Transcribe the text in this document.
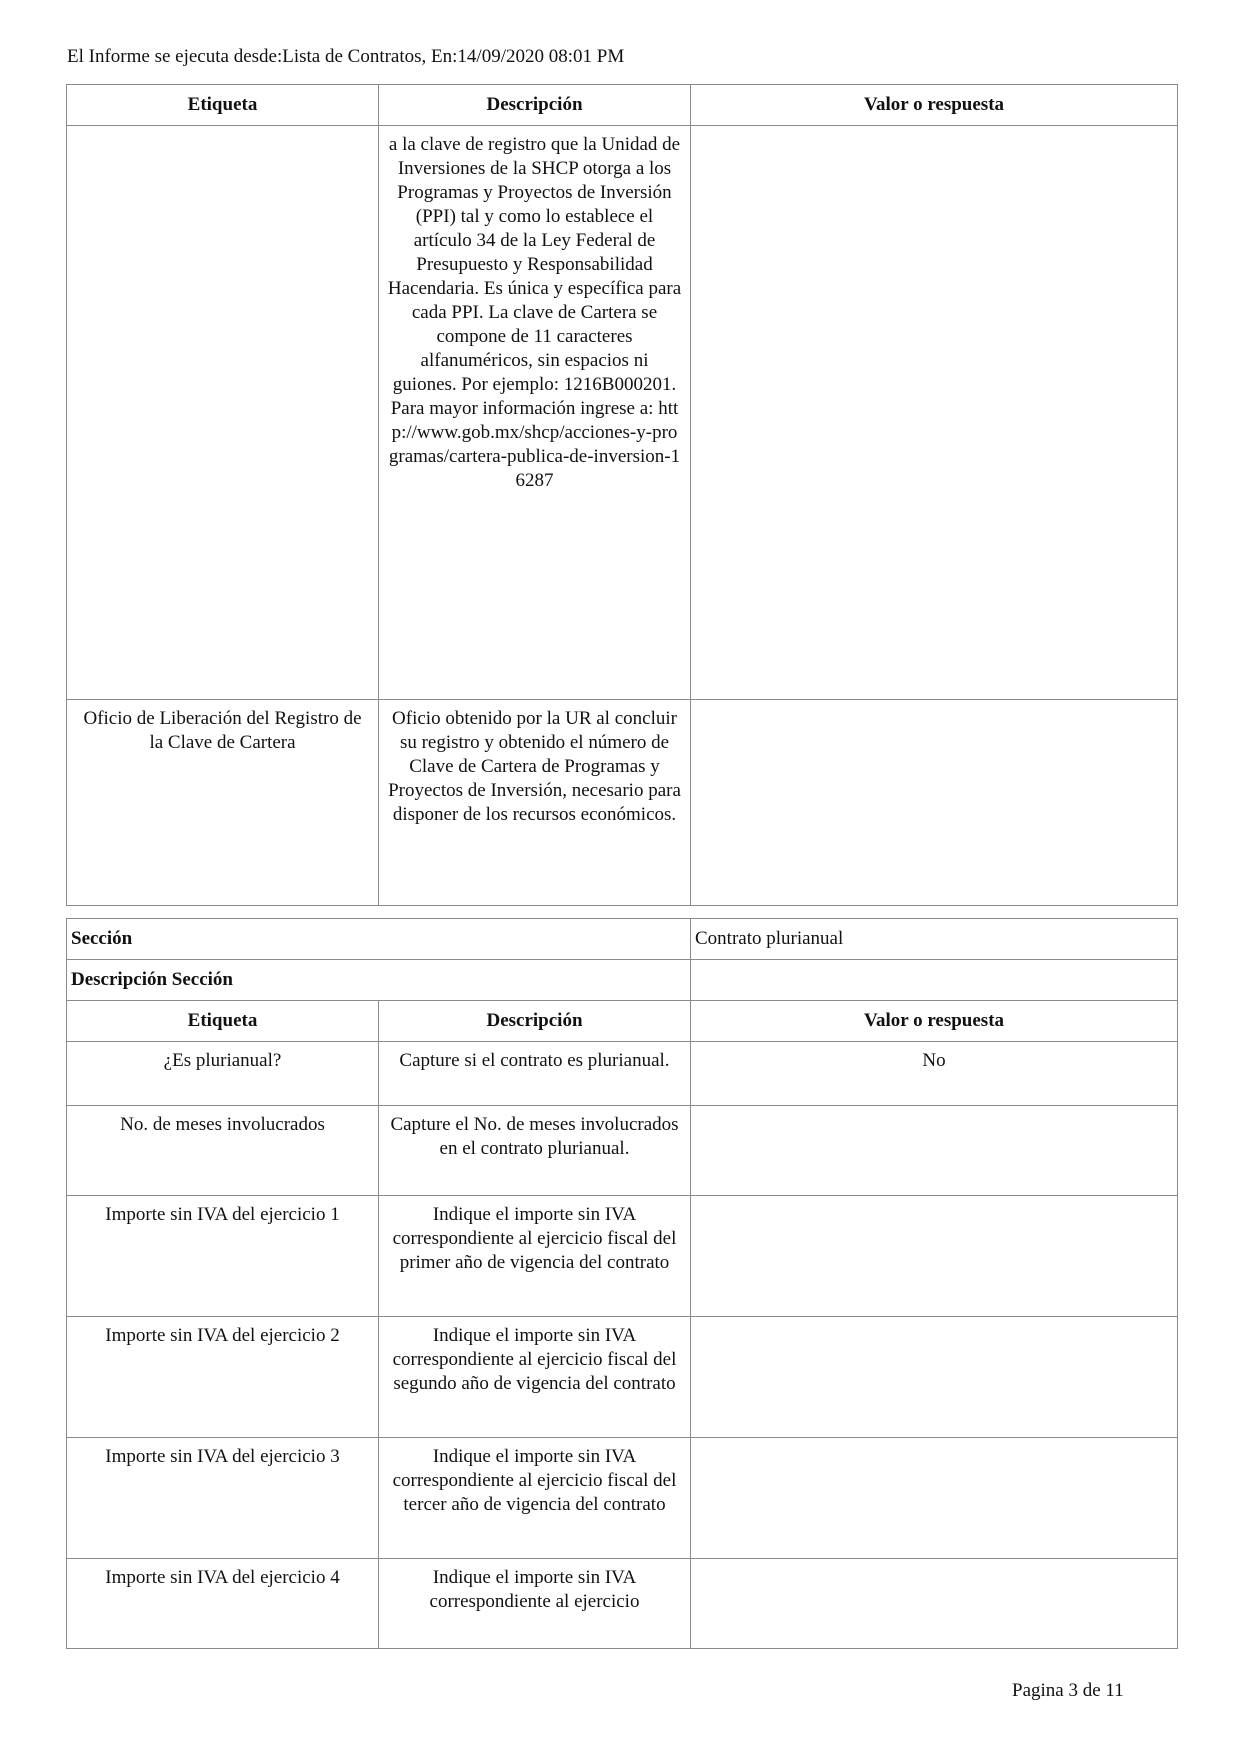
El Informe se ejecuta desde:Lista de Contratos, En:14/09/2020 08:01 PM
Etiqueta	Descripción	Valor o respuesta

	a la clave de registro que la Unidad de Inversiones de la SHCP otorga a los Programas y Proyectos de Inversión (PPI) tal y como lo establece el artículo 34 de la Ley Federal de Presupuesto y Responsabilidad Hacendaria. Es única y específica para cada PPI. La clave de Cartera se compone de 11 caracteres alfanuméricos, sin espacios ni guiones. Por ejemplo: 1216B000201.
Para mayor información ingrese a: http://www.gob.mx/shcp/acciones-y-programas/cartera-publica-de-inversion-16287	

Oficio de Liberación del Registro de la Clave de Cartera	Oficio obtenido por la UR al concluir su registro y obtenido el número de Clave de Cartera de Programas y Proyectos de Inversión, necesario para disponer de los recursos económicos.	
Sección		Contrato plurianual
Descripción Sección		
Etiqueta	Descripción	Valor o respuesta
¿Es plurianual?	Capture si el contrato es plurianual.	No
No. de meses involucrados	Capture el No. de meses involucrados en el contrato plurianual.	
Importe sin IVA del ejercicio 1	Indique el importe sin IVA correspondiente al ejercicio fiscal del primer año de vigencia del contrato	
Importe sin IVA del ejercicio 2	Indique el importe sin IVA correspondiente al ejercicio fiscal del segundo año de vigencia del contrato	
Importe sin IVA del ejercicio 3	Indique el importe sin IVA correspondiente al ejercicio fiscal del tercer año de vigencia del contrato	
Importe sin IVA del ejercicio 4	Indique el importe sin IVA correspondiente al ejercicio	
Pagina 3 de 11
